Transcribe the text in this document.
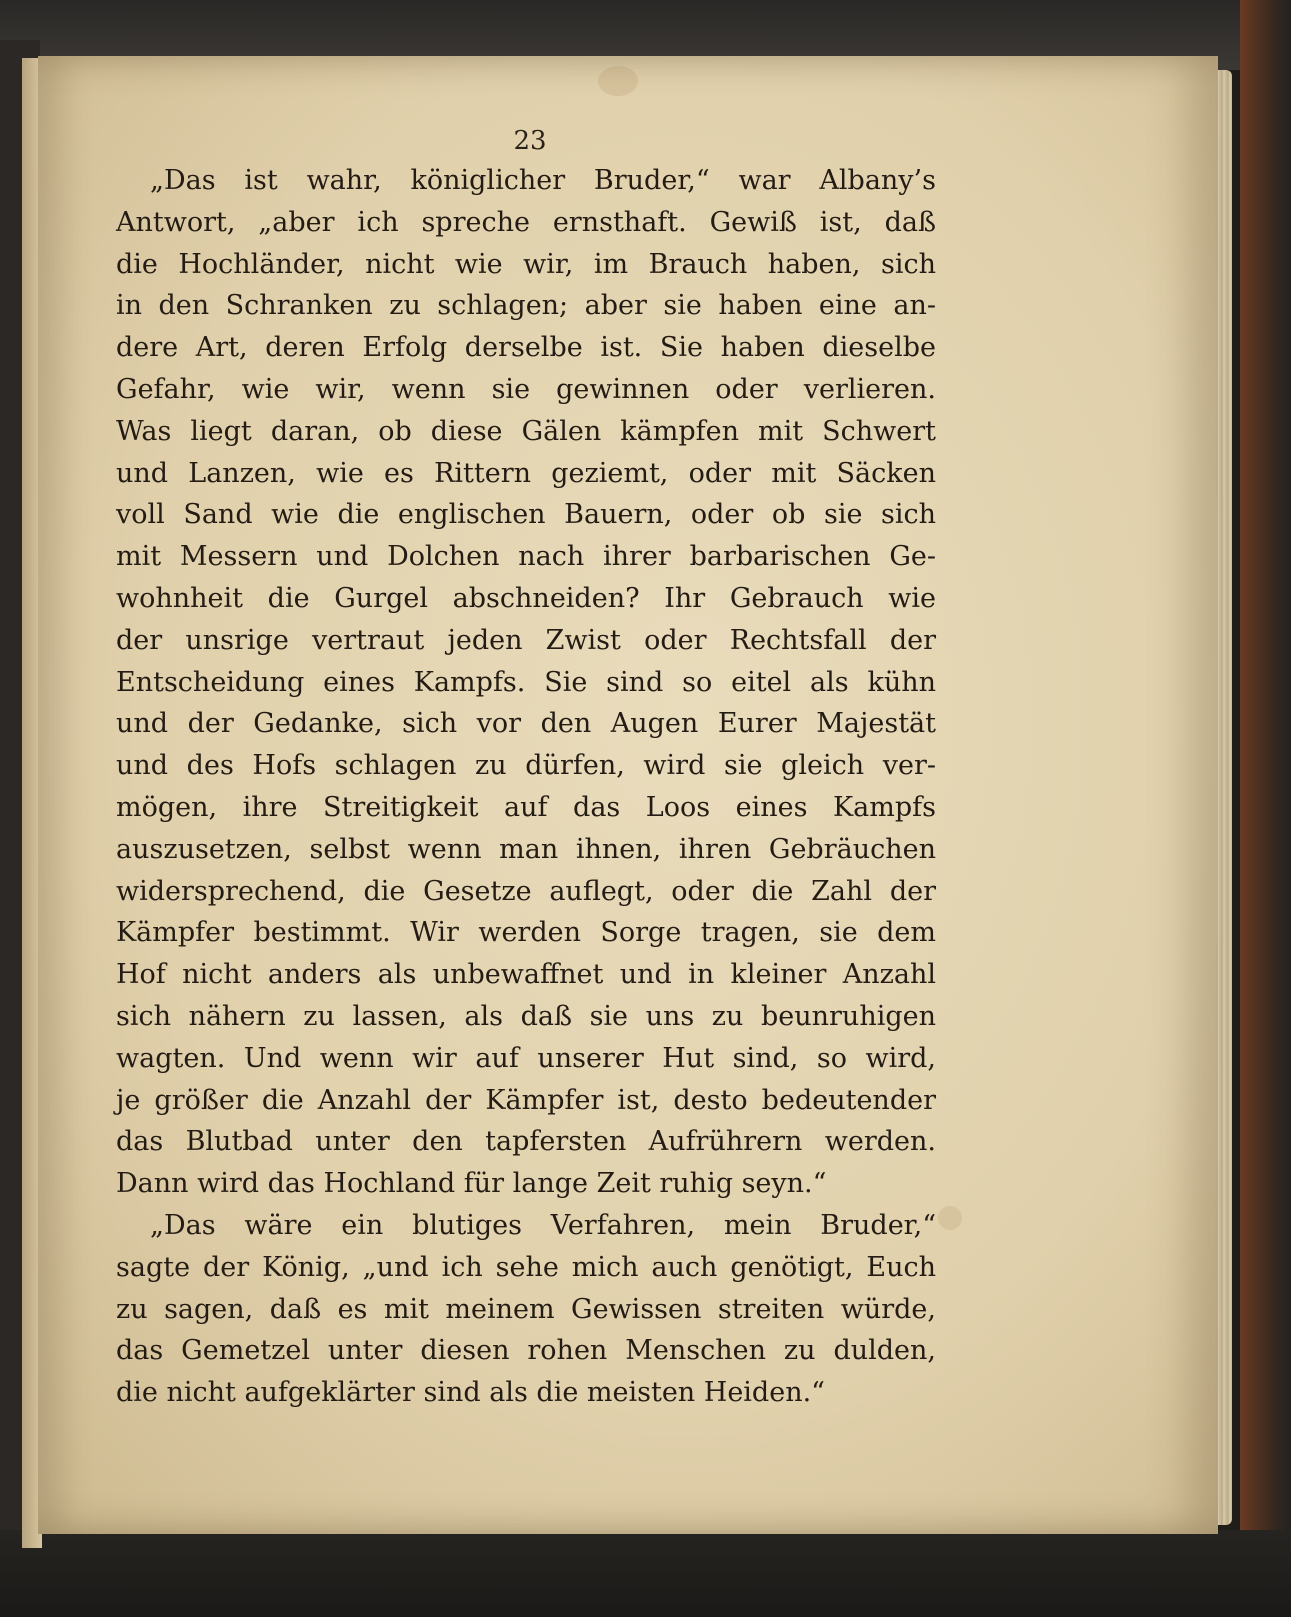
23
„Das ist wahr, königlicher Bruder,“ war Albany’s
Antwort, „aber ich spreche ernsthaft. Gewiß ist, daß
die Hochländer, nicht wie wir, im Brauch haben, sich
in den Schranken zu schlagen; aber sie haben eine an-
dere Art, deren Erfolg derselbe ist. Sie haben dieselbe
Gefahr, wie wir, wenn sie gewinnen oder verlieren.
Was liegt daran, ob diese Gälen kämpfen mit Schwert
und Lanzen, wie es Rittern geziemt, oder mit Säcken
voll Sand wie die englischen Bauern, oder ob sie sich
mit Messern und Dolchen nach ihrer barbarischen Ge-
wohnheit die Gurgel abschneiden? Ihr Gebrauch wie
der unsrige vertraut jeden Zwist oder Rechtsfall der
Entscheidung eines Kampfs. Sie sind so eitel als kühn
und der Gedanke, sich vor den Augen Eurer Majestät
und des Hofs schlagen zu dürfen, wird sie gleich ver-
mögen, ihre Streitigkeit auf das Loos eines Kampfs
auszusetzen, selbst wenn man ihnen, ihren Gebräuchen
widersprechend, die Gesetze auflegt, oder die Zahl der
Kämpfer bestimmt. Wir werden Sorge tragen, sie dem
Hof nicht anders als unbewaffnet und in kleiner Anzahl
sich nähern zu lassen, als daß sie uns zu beunruhigen
wagten. Und wenn wir auf unserer Hut sind, so wird,
je größer die Anzahl der Kämpfer ist, desto bedeutender
das Blutbad unter den tapfersten Aufrührern werden.
Dann wird das Hochland für lange Zeit ruhig seyn.“
„Das wäre ein blutiges Verfahren, mein Bruder,“
sagte der König, „und ich sehe mich auch genötigt, Euch
zu sagen, daß es mit meinem Gewissen streiten würde,
das Gemetzel unter diesen rohen Menschen zu dulden,
die nicht aufgeklärter sind als die meisten Heiden.“
